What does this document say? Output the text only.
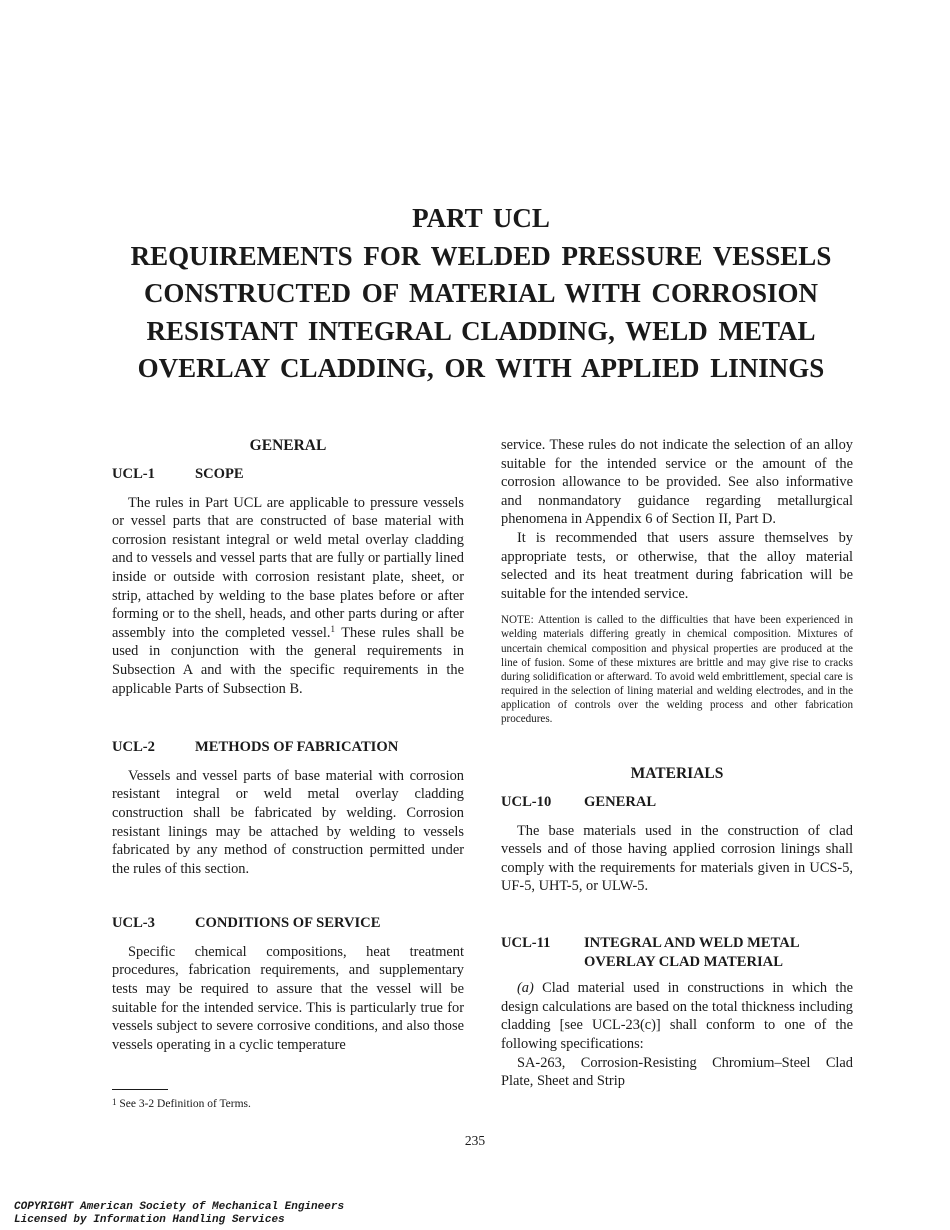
PART UCL
REQUIREMENTS FOR WELDED PRESSURE VESSELS
CONSTRUCTED OF MATERIAL WITH CORROSION
RESISTANT INTEGRAL CLADDING, WELD METAL
OVERLAY CLADDING, OR WITH APPLIED LININGS
GENERAL
UCL-1	SCOPE

The rules in Part UCL are applicable to pressure vessels or vessel parts that are constructed of base material with corrosion resistant integral or weld metal overlay cladding and to vessels and vessel parts that are fully or partially lined inside or outside with corrosion resistant plate, sheet, or strip, attached by welding to the base plates before or after forming or to the shell, heads, and other parts during or after assembly into the completed vessel.$^1$ These rules shall be used in conjunction with the general requirements in Subsection A and with the specific requirements in the applicable Parts of Subsection B.

UCL-2	METHODS OF FABRICATION

Vessels and vessel parts of base material with corrosion resistant integral or weld metal overlay cladding construction shall be fabricated by welding. Corrosion resistant linings may be attached by welding to vessels fabricated by any method of construction permitted under the rules of this section.

UCL-3	CONDITIONS OF SERVICE

Specific chemical compositions, heat treatment procedures, fabrication requirements, and supplementary tests may be required to assure that the vessel will be suitable for the intended service. This is particularly true for vessels subject to severe corrosive conditions, and also those vessels operating in a cyclic temperature

service. These rules do not indicate the selection of an alloy suitable for the intended service or the amount of the corrosion allowance to be provided. See also informative and nonmandatory guidance regarding metallurgical phenomena in Appendix 6 of Section II, Part D.

It is recommended that users assure themselves by appropriate tests, or otherwise, that the alloy material selected and its heat treatment during fabrication will be suitable for the intended service.

NOTE: Attention is called to the difficulties that have been experienced in welding materials differing greatly in chemical composition. Mixtures of uncertain chemical composition and physical properties are produced at the line of fusion. Some of these mixtures are brittle and may give rise to cracks during solidification or afterward. To avoid weld embrittlement, special care is required in the selection of lining material and welding electrodes, and in the application of controls over the welding process and other fabrication procedures.
MATERIALS
UCL-10	GENERAL

The base materials used in the construction of clad vessels and of those having applied corrosion linings shall comply with the requirements for materials given in UCS-5, UF-5, UHT-5, or ULW-5.

UCL-11	INTEGRAL AND WELD METAL
OVERLAY CLAD MATERIAL

(a) Clad material used in constructions in which the design calculations are based on the total thickness including cladding [see UCL-23(c)] shall conform to one of the following specifications:

SA-263, Corrosion-Resisting Chromium–Steel Clad Plate, Sheet and Strip

$^1$ See 3-2 Definition of Terms.
235
COPYRIGHT American Society of Mechanical Engineers
Licensed by Information Handling Services
